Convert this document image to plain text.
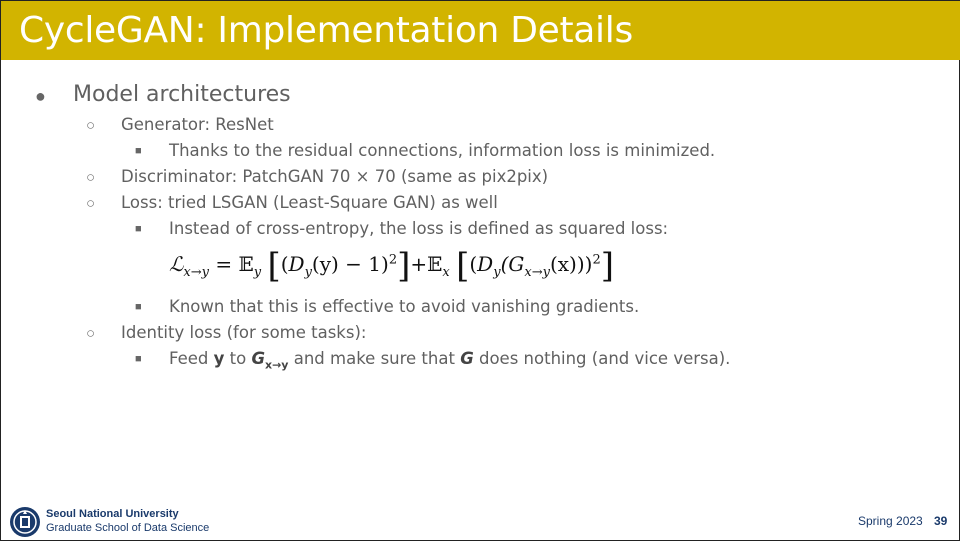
CycleGAN: Implementation Details
● Model architectures
○ Generator: ResNet
■ Thanks to the residual connections, information loss is minimized.
○ Discriminator: PatchGAN 70 × 70 (same as pix2pix)
○ Loss: tried LSGAN (Least-Square GAN) as well
■ Instead of cross-entropy, the loss is defined as squared loss:
ℒ$_{x\to y}$ = 𝔼$_y$ [($D_y(y)$ − $1)^2]+𝔼_x$ $[(D_y(G_{x\to y}(x)))^2]$
■ Known that this is effective to avoid vanishing gradients.
○ Identity loss (for some tasks):
■ Feed y to $G_{x\to y}$ and make sure that G does nothing (and vice versa).
Seoul National University
Graduate School of Data Science	Spring 2023 39
